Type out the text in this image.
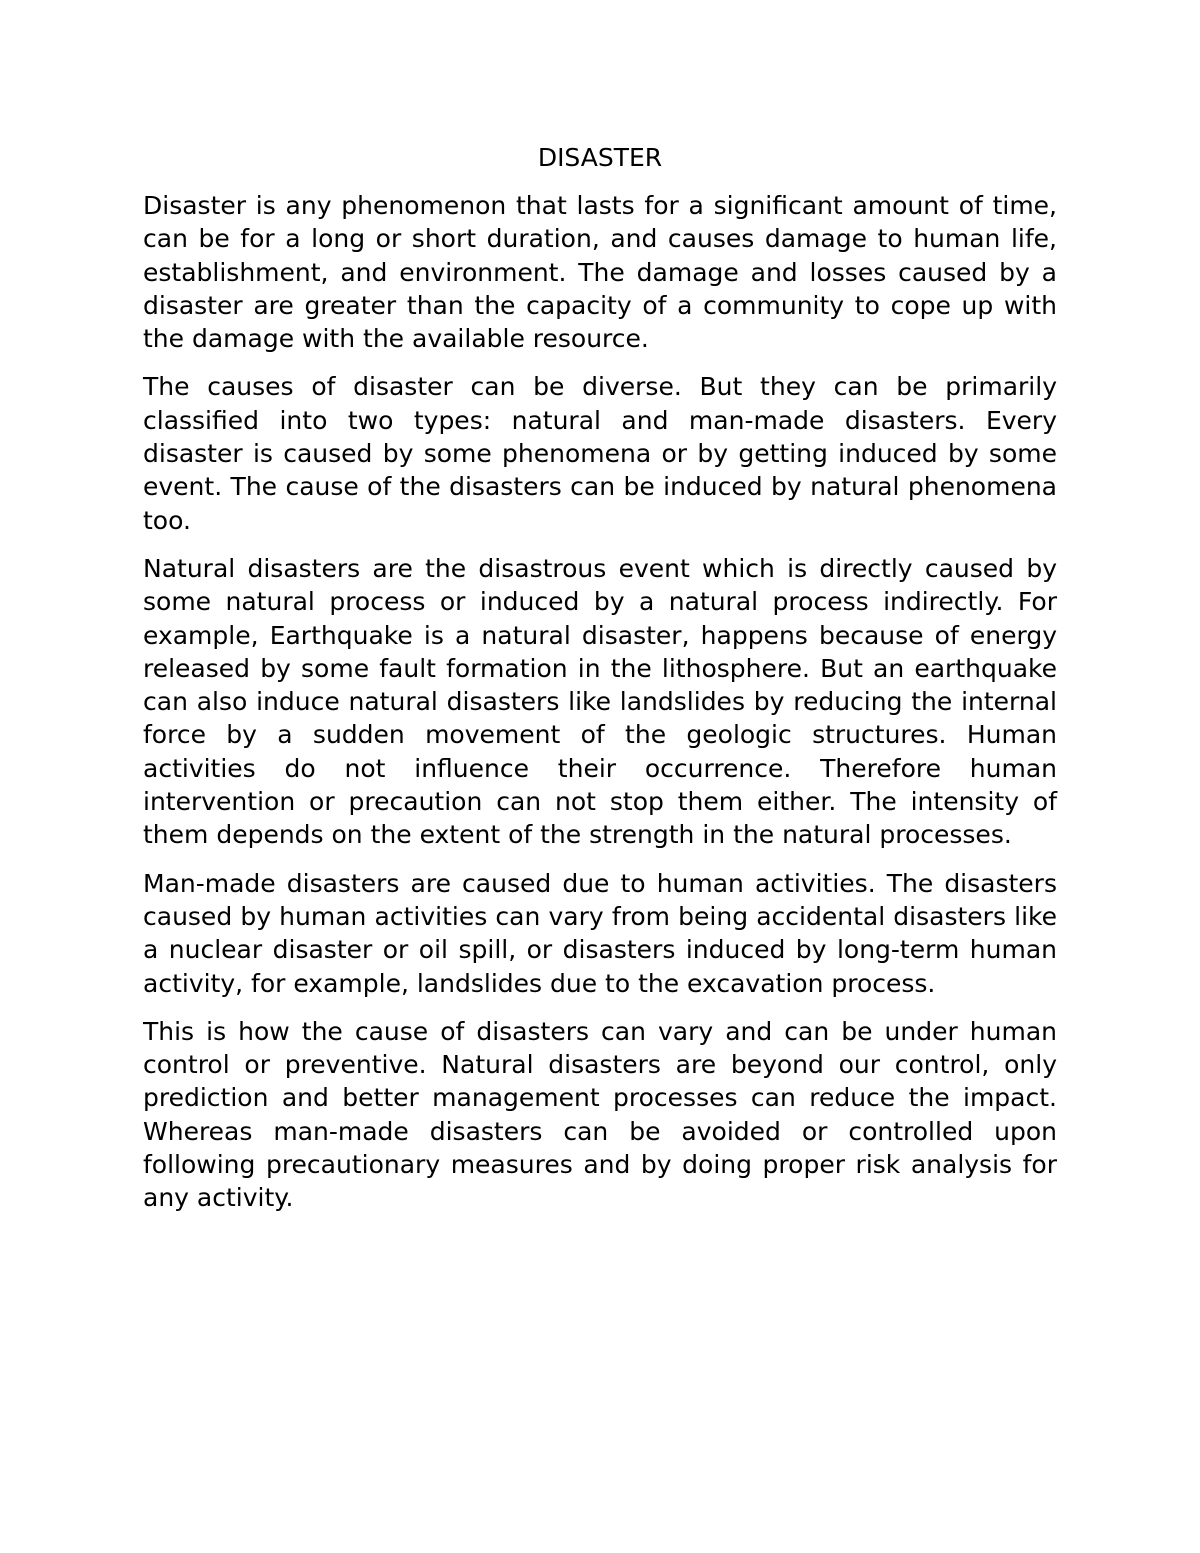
DISASTER

Disaster is any phenomenon that lasts for a significant amount of time, can be for a long or short duration, and causes damage to human life, establishment, and environment. The damage and losses caused by a disaster are greater than the capacity of a community to cope up with the damage with the available resource.

The causes of disaster can be diverse. But they can be primarily classified into two types: natural and man-made disasters. Every disaster is caused by some phenomena or by getting induced by some event. The cause of the disasters can be induced by natural phenomena too.

Natural disasters are the disastrous event which is directly caused by some natural process or induced by a natural process indirectly. For example, Earthquake is a natural disaster, happens because of energy released by some fault formation in the lithosphere. But an earthquake can also induce natural disasters like landslides by reducing the internal force by a sudden movement of the geologic structures. Human activities do not influence their occurrence. Therefore human intervention or precaution can not stop them either. The intensity of them depends on the extent of the strength in the natural processes.

Man-made disasters are caused due to human activities. The disasters caused by human activities can vary from being accidental disasters like a nuclear disaster or oil spill, or disasters induced by long-term human activity, for example, landslides due to the excavation process.

This is how the cause of disasters can vary and can be under human control or preventive. Natural disasters are beyond our control, only prediction and better management processes can reduce the impact. Whereas man-made disasters can be avoided or controlled upon following precautionary measures and by doing proper risk analysis for any activity.
